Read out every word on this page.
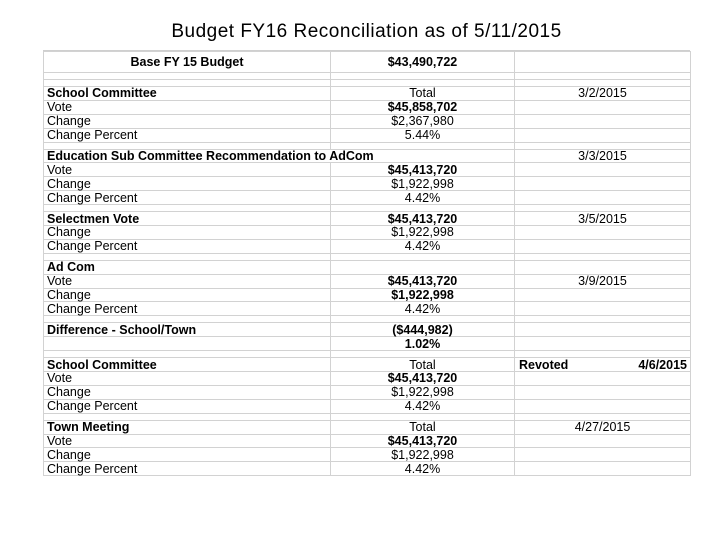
Budget FY16 Reconciliation as of 5/11/2015
Base FY 15 Budget	$43,490,722	

School Committee	Total	3/2/2015
Vote	$45,858,702	
Change	$2,367,980	
Change Percent	5.44%	

Education Sub Committee Recommendation to AdCom		3/3/2015
Vote	$45,413,720	
Change	$1,922,998	
Change Percent	4.42%	

Selectmen Vote	$45,413,720	3/5/2015
Change	$1,922,998	
Change Percent	4.42%	

Ad Com		
Vote	$45,413,720	3/9/2015
Change	$1,922,998	
Change Percent	4.42%	

Difference - School/Town	($444,982)	
	1.02%	

School Committee	Total	Revoted 4/6/2015

Vote	$45,413,720	
Change	$1,922,998	
Change Percent	4.42%	

Town Meeting	Total	4/27/2015
Vote	$45,413,720	
Change	$1,922,998	
Change Percent	4.42%	
